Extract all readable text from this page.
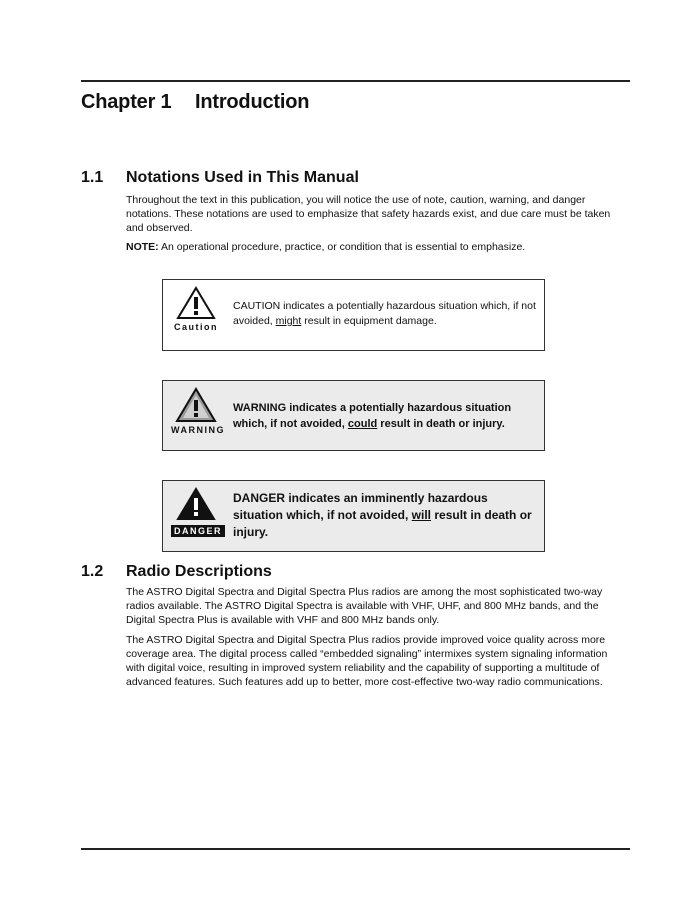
Chapter 1 Introduction
1.1 Notations Used in This Manual
Throughout the text in this publication, you will notice the use of note, caution, warning, and danger notations. These notations are used to emphasize that safety hazards exist, and due care must be taken and observed.
NOTE: An operational procedure, practice, or condition that is essential to emphasize.
Caution
CAUTION indicates a potentially hazardous situation which, if not avoided, might result in equipment damage.
WARNING
WARNING indicates a potentially hazardous situation which, if not avoided, could result in death or injury.
DANGER
DANGER indicates an imminently hazardous situation which, if not avoided, will result in death or injury.
1.2 Radio Descriptions
The ASTRO Digital Spectra and Digital Spectra Plus radios are among the most sophisticated two-way radios available. The ASTRO Digital Spectra is available with VHF, UHF, and 800 MHz bands, and the Digital Spectra Plus is available with VHF and 800 MHz bands only.
The ASTRO Digital Spectra and Digital Spectra Plus radios provide improved voice quality across more coverage area. The digital process called “embedded signaling” intermixes system signaling information with digital voice, resulting in improved system reliability and the capability of supporting a multitude of advanced features. Such features add up to better, more cost-effective two-way radio communications.
